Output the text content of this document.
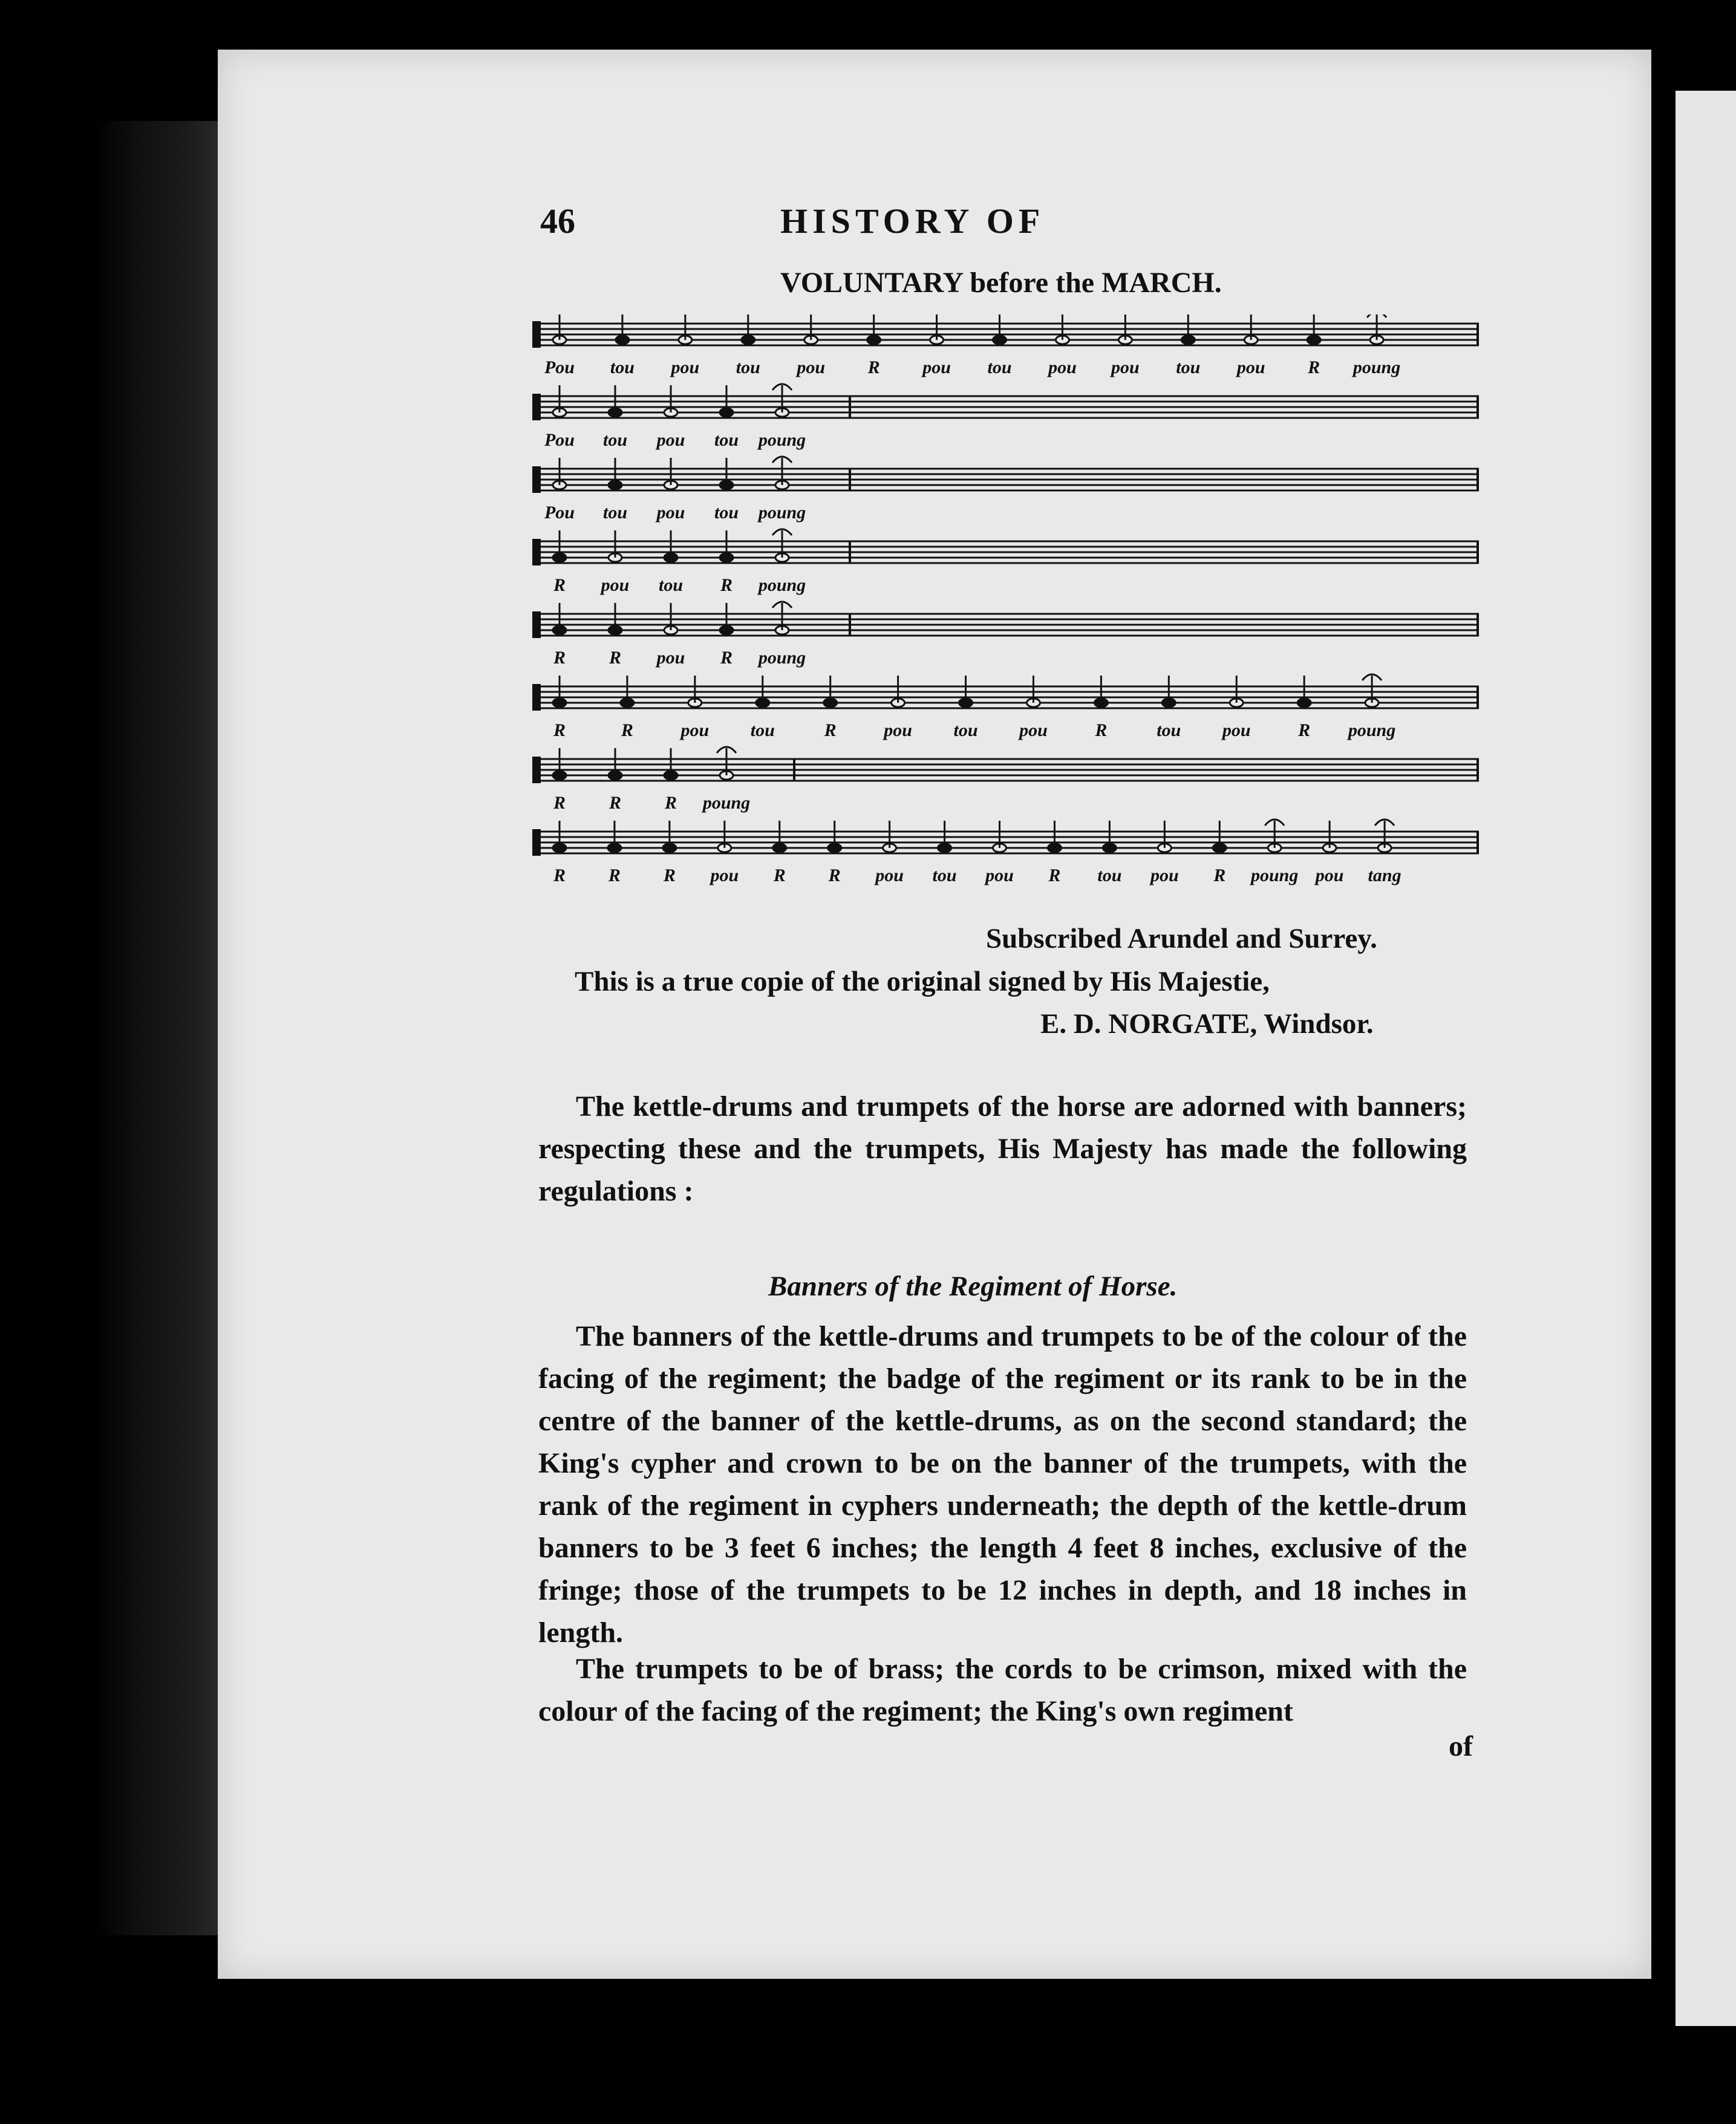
46	HISTORY OF
VOLUNTARY before the MARCH.
Pou tou pou tou pou R pou tou pou pou tou pou R poung
Pou tou pou tou poung
Pou tou pou tou poung
R pou tou R poung
R R pou R poung
R	R	pou tou	R	pou tou pou	R	tou pou	R poung
R R R poung
R R R pou R R pou tou pou R tou pou R poung pou tang
Subscribed Arundel and Surrey.
This is a true copie of the original signed by His Majestie,
E. D. NORGATE, Windsor.

The kettle-drums and trumpets of the horse are adorned with banners; respecting these and the trumpets, His Majesty has made the following regulations :

Banners of the Regiment of Horse.

The banners of the kettle-drums and trumpets to be of the colour of the facing of the regiment; the badge of the regiment or its rank to be in the centre of the banner of the kettle-drums, as on the second standard; the King's cypher and crown to be on the banner of the trumpets, with the rank of the regiment in cyphers underneath; the depth of the kettle-drum banners to be 3 feet 6 inches; the length 4 feet 8 inches, exclusive of the fringe; those of the trumpets to be 12 inches in depth, and 18 inches in length.

The trumpets to be of brass; the cords to be crimson, mixed with the colour of the facing of the regiment; the King's own regiment

of
